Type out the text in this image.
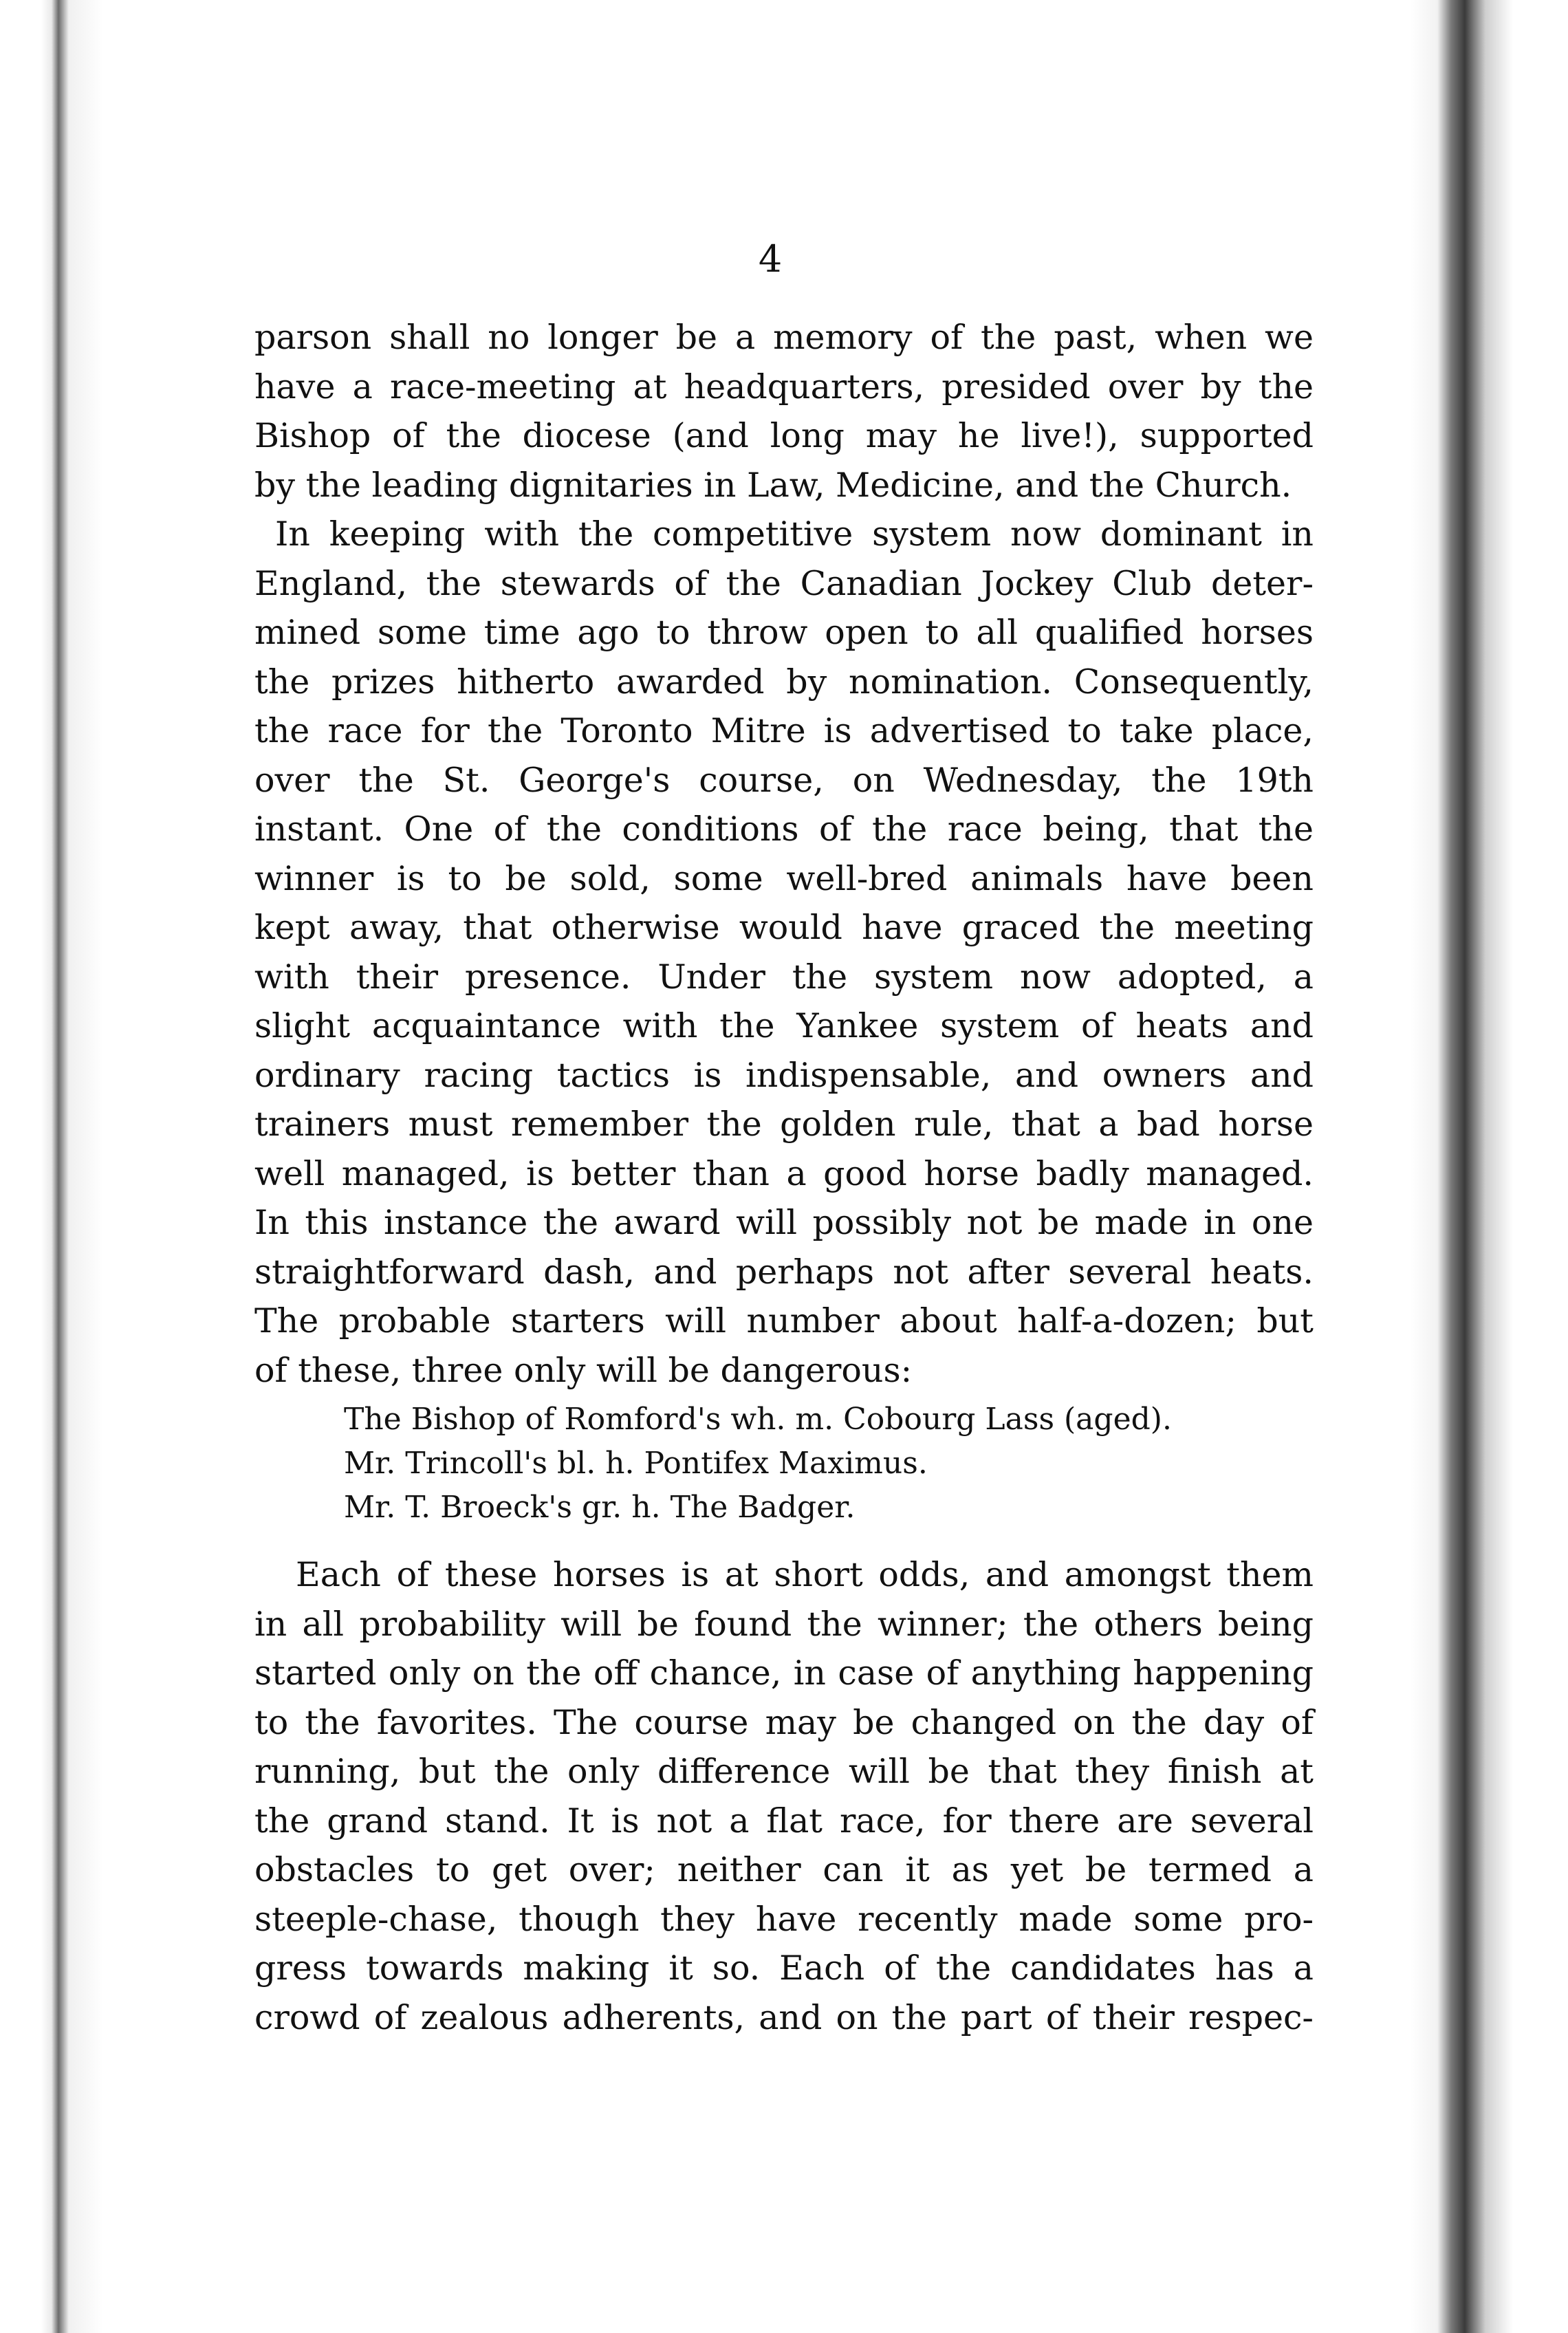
4
parson shall no longer be a memory of the past, when we
have a race-meeting at headquarters, presided over by the
Bishop of the diocese (and long may he live!), supported
by the leading dignitaries in Law, Medicine, and the Church.
In keeping with the competitive system now dominant in
England, the stewards of the Canadian Jockey Club deter-
mined some time ago to throw open to all qualified horses
the prizes hitherto awarded by nomination. Consequently,
the race for the Toronto Mitre is advertised to take place,
over the St. George's course, on Wednesday, the 19th
instant. One of the conditions of the race being, that the
winner is to be sold, some well-bred animals have been
kept away, that otherwise would have graced the meeting
with their presence. Under the system now adopted, a
slight acquaintance with the Yankee system of heats and
ordinary racing tactics is indispensable, and owners and
trainers must remember the golden rule, that a bad horse
well managed, is better than a good horse badly managed.
In this instance the award will possibly not be made in one
straightforward dash, and perhaps not after several heats.
The probable starters will number about half-a-dozen; but
of these, three only will be dangerous:
The Bishop of Romford's wh. m. Cobourg Lass (aged).
Mr. Trincoll's bl. h. Pontifex Maximus.
Mr. T. Broeck's gr. h. The Badger.
Each of these horses is at short odds, and amongst them
in all probability will be found the winner; the others being
started only on the off chance, in case of anything happening
to the favorites. The course may be changed on the day of
running, but the only difference will be that they finish at
the grand stand. It is not a flat race, for there are several
obstacles to get over; neither can it as yet be termed a
steeple-chase, though they have recently made some pro-
gress towards making it so. Each of the candidates has a
crowd of zealous adherents, and on the part of their respec-
